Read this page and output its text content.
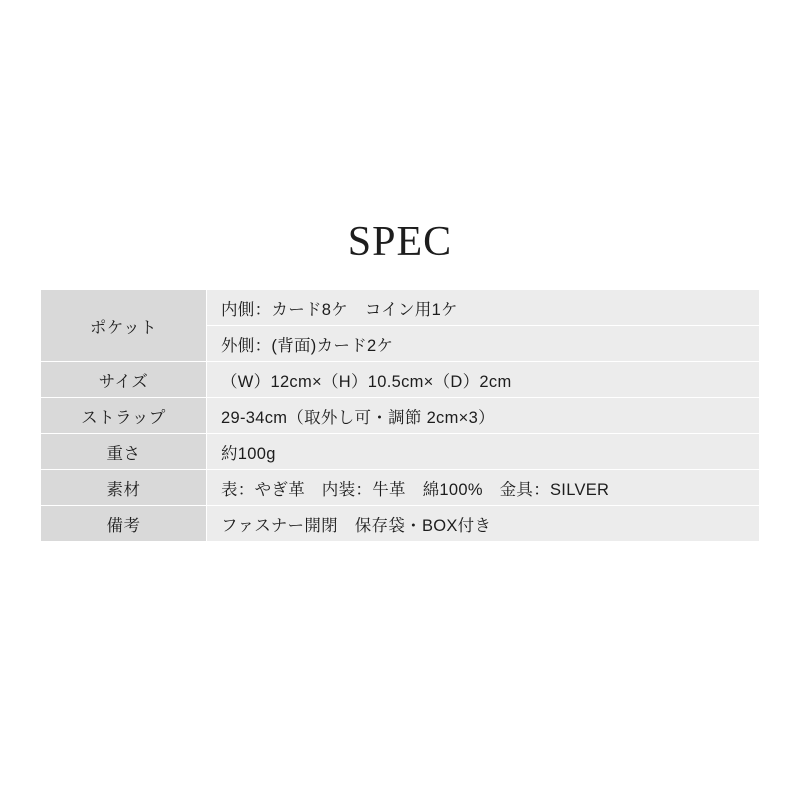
SPEC
ポケット	内側：カード8ケ　コイン用1ケ
	外側：(背面)カード2ケ
サイズ	（W）12cm×（H）10.5cm×（D）2cm
ストラップ	29-34cm（取外し可・調節 2cm×3）
重さ	約100g
素材	表：やぎ革　内装：牛革　綿100%　金具：SILVER
備考	ファスナー開閉　保存袋・BOX付き
